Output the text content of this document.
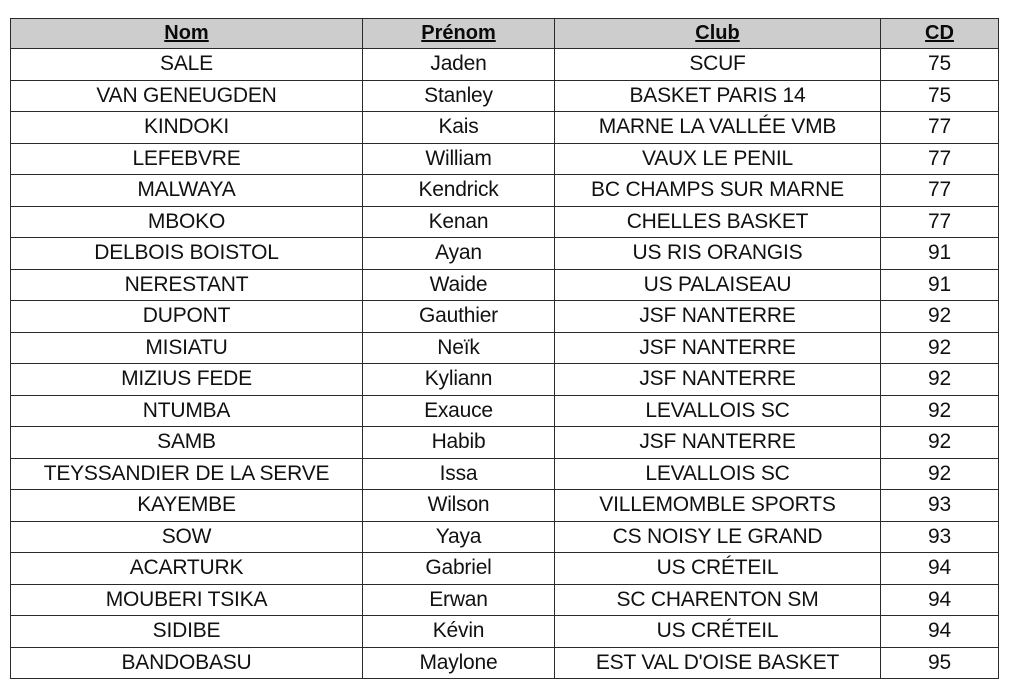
Nom	Prénom	Club	CD
SALE	Jaden	SCUF	75
VAN GENEUGDEN	Stanley	BASKET PARIS 14	75
KINDOKI	Kais	MARNE LA VALLÉE VMB	77
LEFEBVRE	William	VAUX LE PENIL	77
MALWAYA	Kendrick	BC CHAMPS SUR MARNE	77
MBOKO	Kenan	CHELLES BASKET	77
DELBOIS BOISTOL	Ayan	US RIS ORANGIS	91
NERESTANT	Waide	US PALAISEAU	91
DUPONT	Gauthier	JSF NANTERRE	92
MISIATU	Neïk	JSF NANTERRE	92
MIZIUS FEDE	Kyliann	JSF NANTERRE	92
NTUMBA	Exauce	LEVALLOIS SC	92
SAMB	Habib	JSF NANTERRE	92
TEYSSANDIER DE LA SERVE	Issa	LEVALLOIS SC	92
KAYEMBE	Wilson	VILLEMOMBLE SPORTS	93
SOW	Yaya	CS NOISY LE GRAND	93
ACARTURK	Gabriel	US CRÉTEIL	94
MOUBERI TSIKA	Erwan	SC CHARENTON SM	94
SIDIBE	Kévin	US CRÉTEIL	94
BANDOBASU	Maylone	EST VAL D'OISE BASKET	95
